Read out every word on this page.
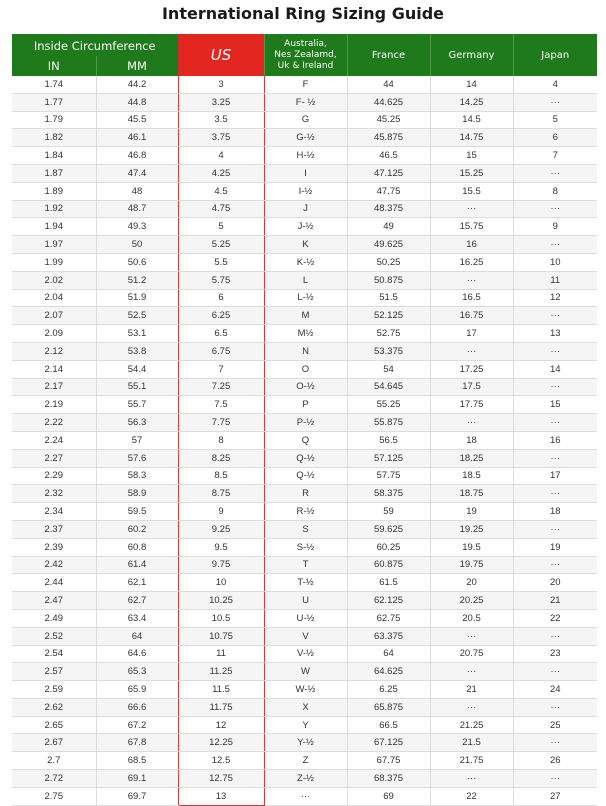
International Ring Sizing Guide
Inside Circumference		US	Australia,
Nes Zealamd,
Uk & Ireland	France	Germany	Japan
IN	MM					
1.74	44.2	3	F	44	14	4
1.77	44.8	3.25	F- ½	44.625	14.25	···
1.79	45.5	3.5	G	45.25	14.5	5
1.82	46.1	3.75	G-½	45.875	14.75	6
1.84	46.8	4	H-½	46.5	15	7
1.87	47.4	4.25	I	47.125	15.25	···
1.89	48	4.5	I-½	47.75	15.5	8
1.92	48.7	4.75	J	48.375	···	···
1.94	49.3	5	J-½	49	15.75	9
1.97	50	5.25	K	49.625	16	···
1.99	50.6	5.5	K-½	50.25	16.25	10
2.02	51.2	5.75	L	50.875	···	11
2.04	51.9	6	L-½	51.5	16.5	12
2.07	52.5	6.25	M	52.125	16.75	···
2.09	53.1	6.5	M½	52.75	17	13
2.12	53.8	6.75	N	53.375	···	···
2.14	54.4	7	O	54	17.25	14
2.17	55.1	7.25	O-½	54.645	17.5	···
2.19	55.7	7.5	P	55.25	17.75	15
2.22	56.3	7.75	P-½	55.875	···	···
2.24	57	8	Q	56.5	18	16
2.27	57.6	8.25	Q-½	57.125	18.25	···
2.29	58.3	8.5	Q-½	57.75	18.5	17
2.32	58.9	8.75	R	58.375	18.75	···
2.34	59.5	9	R-½	59	19	18
2.37	60.2	9.25	S	59.625	19.25	···
2.39	60.8	9.5	S-½	60.25	19.5	19
2.42	61.4	9.75	T	60.875	19.75	···
2.44	62.1	10	T-½	61.5	20	20
2.47	62.7	10.25	U	62.125	20.25	21
2.49	63.4	10.5	U-½	62.75	20.5	22
2.52	64	10.75	V	63.375	···	···
2.54	64.6	11	V-½	64	20.75	23
2.57	65.3	11.25	W	64.625	···	···
2.59	65.9	11.5	W-½	6.25	21	24
2.62	66.6	11.75	X	65.875	···	···
2.65	67.2	12	Y	66.5	21.25	25
2.67	67.8	12.25	Y-½	67.125	21.5	···
2.7	68.5	12.5	Z	67.75	21.75	26
2.72	69.1	12.75	Z-½	68.375	···	···
2.75	69.7	13	···	69	22	27
